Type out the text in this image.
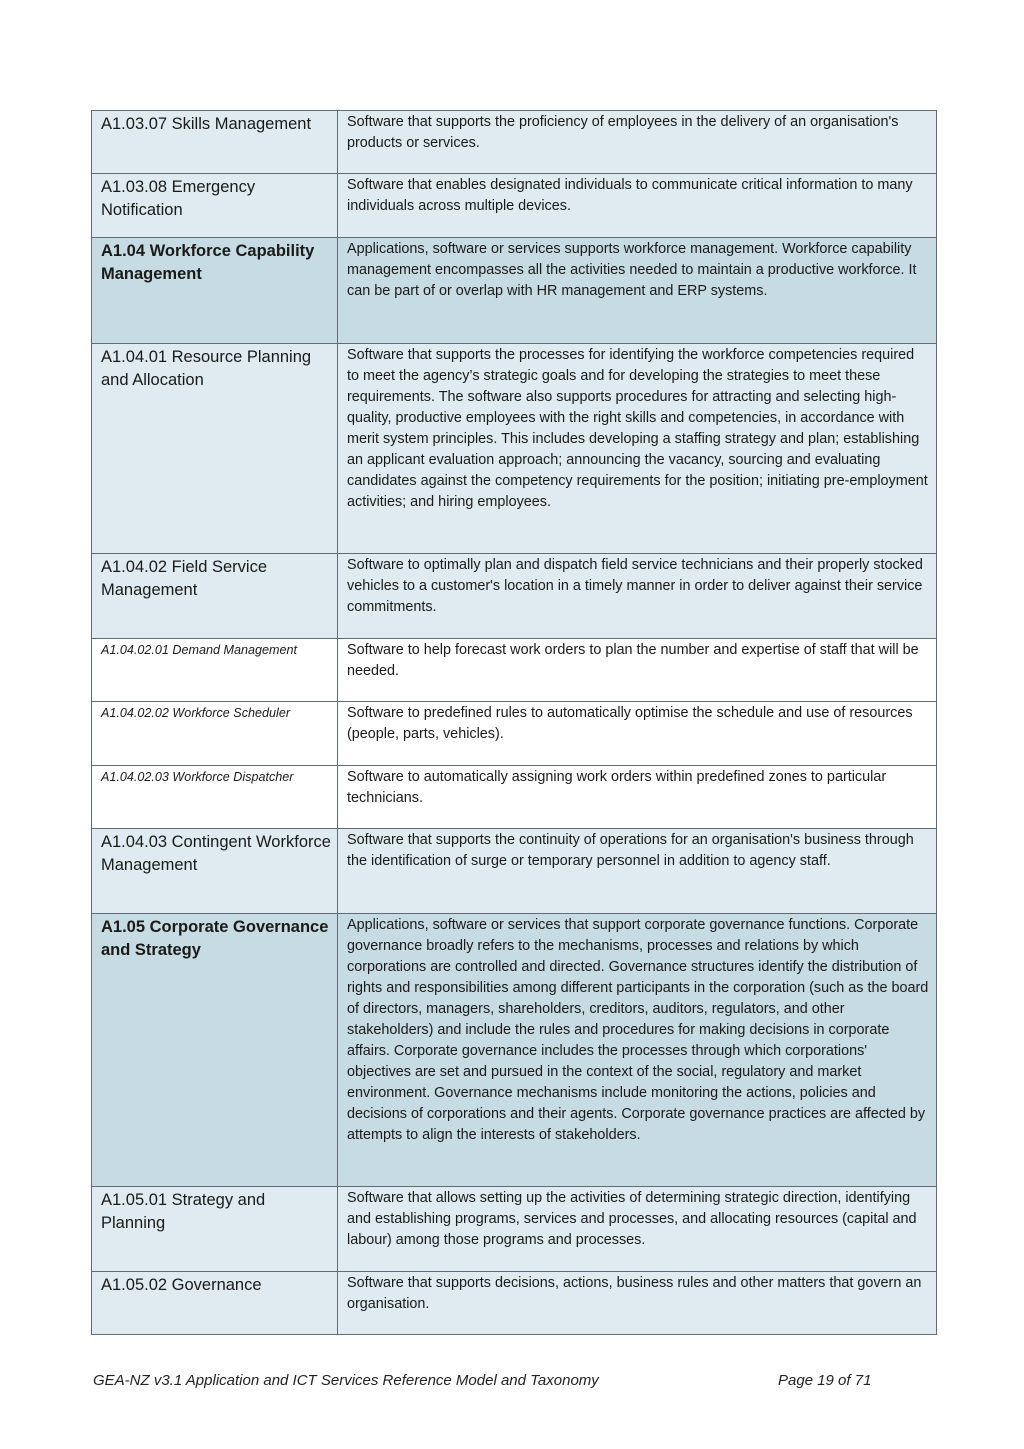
A1.03.07 Skills Management	Software that supports the proficiency of employees in the delivery of an organisation's products or services.

A1.03.08 Emergency Notification	Software that enables designated individuals to communicate critical information to many individuals across multiple devices.

A1.04 Workforce Capability Management	Applications, software or services supports workforce management. Workforce capability management encompasses all the activities needed to maintain a productive workforce. It can be part of or overlap with HR management and ERP systems.

A1.04.01 Resource Planning and Allocation	Software that supports the processes for identifying the workforce competencies required to meet the agency’s strategic goals and for developing the strategies to meet these requirements. The software also supports procedures for attracting and selecting high-quality, productive employees with the right skills and competencies, in accordance with merit system principles. This includes developing a staffing strategy and plan; establishing an applicant evaluation approach; announcing the vacancy, sourcing and evaluating candidates against the competency requirements for the position; initiating pre-employment activities; and hiring employees.

A1.04.02 Field Service Management	Software to optimally plan and dispatch field service technicians and their properly stocked vehicles to a customer's location in a timely manner in order to deliver against their service commitments.

A1.04.02.01 Demand Management	Software to help forecast work orders to plan the number and expertise of staff that will be needed.

A1.04.02.02 Workforce Scheduler	Software to predefined rules to automatically optimise the schedule and use of resources (people, parts, vehicles).

A1.04.02.03 Workforce Dispatcher	Software to automatically assigning work orders within predefined zones to particular technicians.

A1.04.03 Contingent Workforce Management	Software that supports the continuity of operations for an organisation's business through the identification of surge or temporary personnel in addition to agency staff.

A1.05 Corporate Governance and Strategy	Applications, software or services that support corporate governance functions. Corporate governance broadly refers to the mechanisms, processes and relations by which corporations are controlled and directed. Governance structures identify the distribution of rights and responsibilities among different participants in the corporation (such as the board of directors, managers, shareholders, creditors, auditors, regulators, and other stakeholders) and include the rules and procedures for making decisions in corporate affairs. Corporate governance includes the processes through which corporations' objectives are set and pursued in the context of the social, regulatory and market environment. Governance mechanisms include monitoring the actions, policies and decisions of corporations and their agents. Corporate governance practices are affected by attempts to align the interests of stakeholders.

A1.05.01 Strategy and Planning	Software that allows setting up the activities of determining strategic direction, identifying and establishing programs, services and processes, and allocating resources (capital and labour) among those programs and processes.

A1.05.02 Governance	Software that supports decisions, actions, business rules and other matters that govern an organisation.
GEA-NZ v3.1 Application and ICT Services Reference Model and Taxonomy	Page 19 of 71
